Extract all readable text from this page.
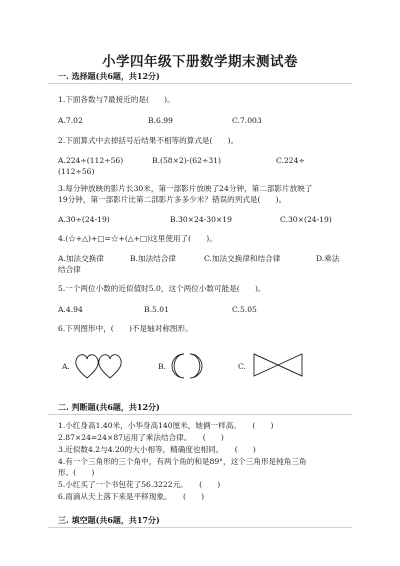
小学四年级下册数学期末测试卷
一. 选择题(共6题，共12分)
1.下面各数与7最接近的是(　　)。
A.7.02	B.6.99	C.7.003
2.下面算式中去掉括号后结果不相等的算式是(　　)。
A.224÷(112÷56)	B.(58×2)-(62÷31)	C.224÷
(112÷56)
3.每分钟放映的影片长30米，第一部影片放映了24分钟，第二部影片放映了
19分钟，第一部影片比第二部影片多多少米？错误的列式是(　　)。
A.30÷(24-19)	B.30×24-30×19	C.30×(24-19)
4.(☆+△)+□=☆+(△+□)这里使用了(　　)。
A.加法交换律	B.加法结合律	C.加法交换律和结合律	D.乘法
结合律
5.一个两位小数的近似值时5.0，这个两位小数可能是(　　)。
A.4.94	B.5.01	C.5.05
6.下列图形中，(　　)不是轴对称图形。
A.	B.	C.
二. 判断题(共6题，共12分)
1.小红身高1.40米，小华身高140厘米，她俩一样高。　　(　　)
2.87×24=24×87运用了乘法结合律。　　(　　)
3.近似数4.2与4.20的大小相等，精确度也相同。　　(　　)
4.有一个三角形的三个角中，有两个角的和是89°，这个三角形是钝角三角
形。(　　)
5.小红买了一个书包花了56.3222元。　　(　　)
6.雨滴从天上落下来是平移现象。　　(　　)
三. 填空题(共6题，共17分)
